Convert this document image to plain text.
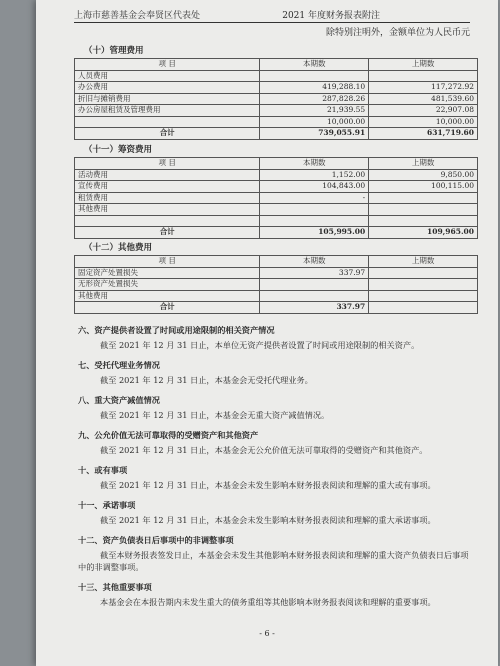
上海市慈善基金会奉贤区代表处	2021 年度财务报表附注
除特别注明外，金额单位为人民币元
（十）管理费用
项 目	本期数	上期数
人员费用		
办公费用	419,288.10	117,272.92
折旧与摊销费用	287,828.26	481,539.60
办公房屋租赁及管理费用	21,939.55	22,907.08
	10,000.00	10,000.00
合计	739,055.91	631,719.60
（十一）筹资费用
项 目	本期数	上期数
活动费用	1,152.00	9,850.00
宣传费用	104,843.00	100,115.00
租赁费用	-	
其他费用		

合计	105,995.00	109,965.00
（十二）其他费用
项 目	本期数	上期数
固定资产处置损失	337.97	
无形资产处置损失		
其他费用		
合计	337.97	
六、资产提供者设置了时间或用途限制的相关资产情况
截至 2021 年 12 月 31 日止，本单位无资产提供者设置了时间或用途限制的相关资产。
七、受托代理业务情况
截至 2021 年 12 月 31 日止，本基金会无受托代理业务。
八、重大资产减值情况
截至 2021 年 12 月 31 日止，本基金会无重大资产减值情况。
九、公允价值无法可靠取得的受赠资产和其他资产
截至 2021 年 12 月 31 日止，本基金会无公允价值无法可靠取得的受赠资产和其他资产。
十、或有事项
截至 2021 年 12 月 31 日止，本基金会未发生影响本财务报表阅读和理解的重大或有事项。
十一、承诺事项
截至 2021 年 12 月 31 日止，本基金会未发生影响本财务报表阅读和理解的重大承诺事项。
十二、资产负债表日后事项中的非调整事项
截至本财务报表签发日止，本基金会未发生其他影响本财务报表阅读和理解的重大资产负债表日后事项中的非调整事项。
十三、其他重要事项
本基金会在本报告期内未发生重大的债务重组等其他影响本财务报表阅读和理解的重要事项。
- 6 -
